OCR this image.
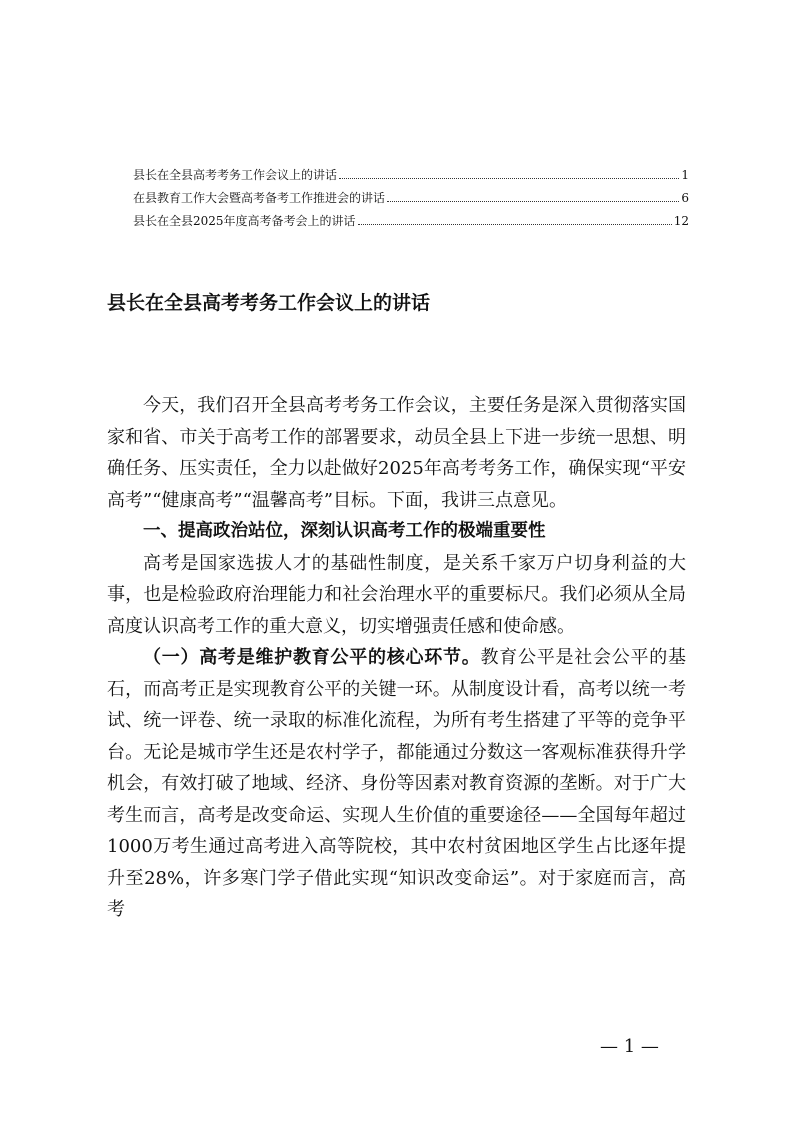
县长在全县高考考务工作会议上的讲话	1
在县教育工作大会暨高考备考工作推进会的讲话	6
县长在全县2025年度高考备考会上的讲话	12
县长在全县高考考务工作会议上的讲话

今天，我们召开全县高考考务工作会议，主要任务是深入贯彻落实国家和省、市关于高考工作的部署要求，动员全县上下进一步统一思想、明确任务、压实责任，全力以赴做好2025年高考考务工作，确保实现“平安高考”“健康高考”“温馨高考”目标。下面，我讲三点意见。

一、提高政治站位，深刻认识高考工作的极端重要性

高考是国家选拔人才的基础性制度，是关系千家万户切身利益的大事，也是检验政府治理能力和社会治理水平的重要标尺。我们必须从全局高度认识高考工作的重大意义，切实增强责任感和使命感。

（一）高考是维护教育公平的核心环节。教育公平是社会公平的基石，而高考正是实现教育公平的关键一环。从制度设计看，高考以统一考试、统一评卷、统一录取的标准化流程，为所有考生搭建了平等的竞争平台。无论是城市学生还是农村学子，都能通过分数这一客观标准获得升学机会，有效打破了地域、经济、身份等因素对教育资源的垄断。对于广大考生而言，高考是改变命运、实现人生价值的重要途径——全国每年超过1000万考生通过高考进入高等院校，其中农村贫困地区学生占比逐年提升至28%，许多寒门学子借此实现“知识改变命运”。对于家庭而言，高考

— 1 —
